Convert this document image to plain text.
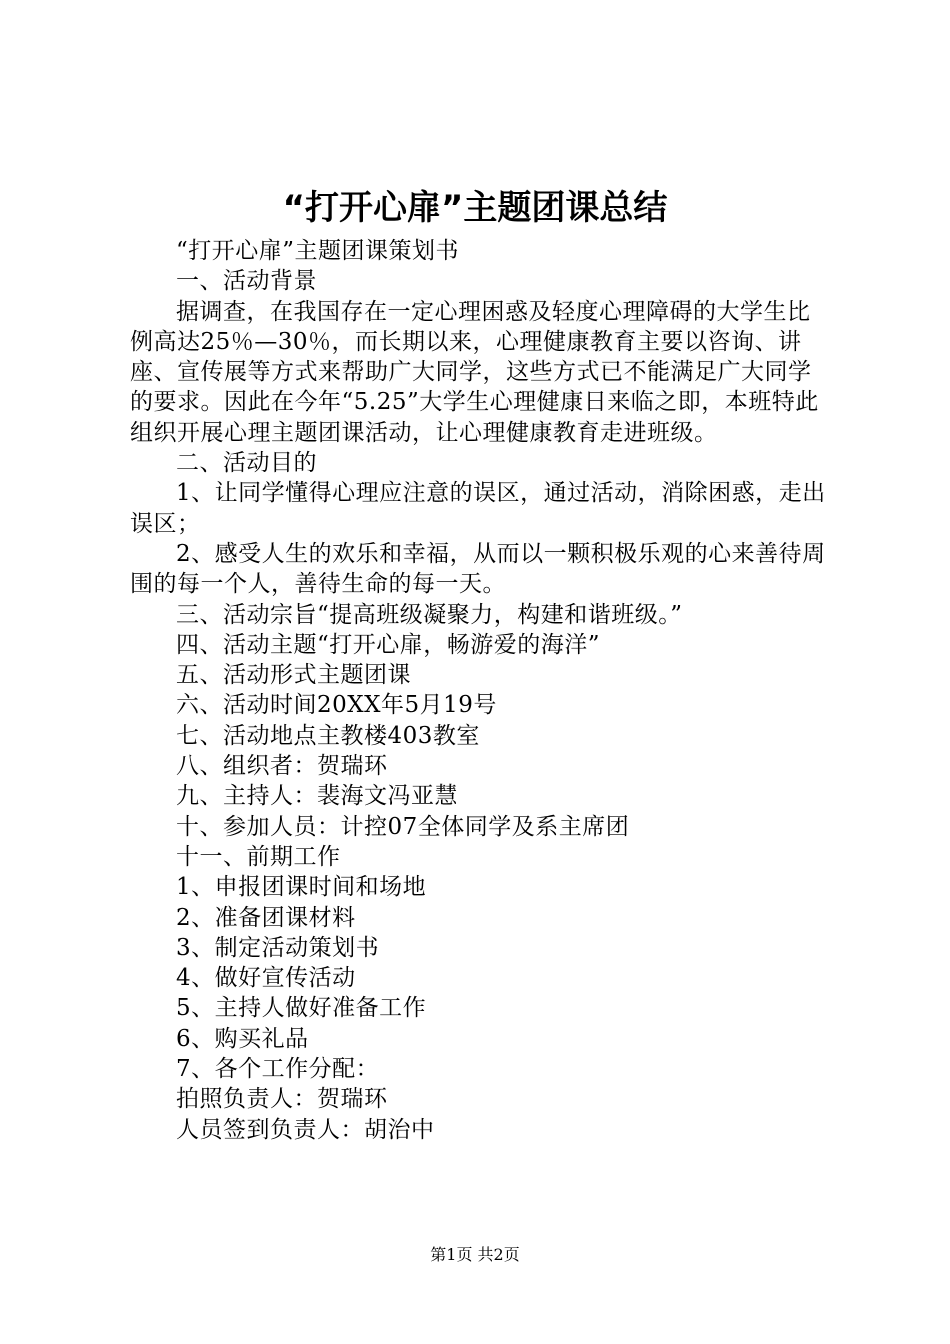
“打开心扉”主题团课总结

“打开心扉”主题团课策划书

一、活动背景

据调查，在我国存在一定心理困惑及轻度心理障碍的大学生比例高达25％—30％，而长期以来，心理健康教育主要以咨询、讲座、宣传展等方式来帮助广大同学，这些方式已不能满足广大同学的要求。因此在今年“5.25”大学生心理健康日来临之即，本班特此组织开展心理主题团课活动，让心理健康教育走进班级。

二、活动目的

1、让同学懂得心理应注意的误区，通过活动，消除困惑，走出误区；

2、感受人生的欢乐和幸福，从而以一颗积极乐观的心来善待周围的每一个人，善待生命的每一天。

三、活动宗旨“提高班级凝聚力，构建和谐班级。”

四、活动主题“打开心扉，畅游爱的海洋”

五、活动形式主题团课

六、活动时间20XX年5月19号

七、活动地点主教楼403教室

八、组织者：贺瑞环

九、主持人：裴海文冯亚慧

十、参加人员：计控07全体同学及系主席团

十一、前期工作

1、申报团课时间和场地

2、准备团课材料

3、制定活动策划书

4、做好宣传活动

5、主持人做好准备工作

6、购买礼品

7、各个工作分配：

拍照负责人：贺瑞环

人员签到负责人：胡治中

第1页 共2页
